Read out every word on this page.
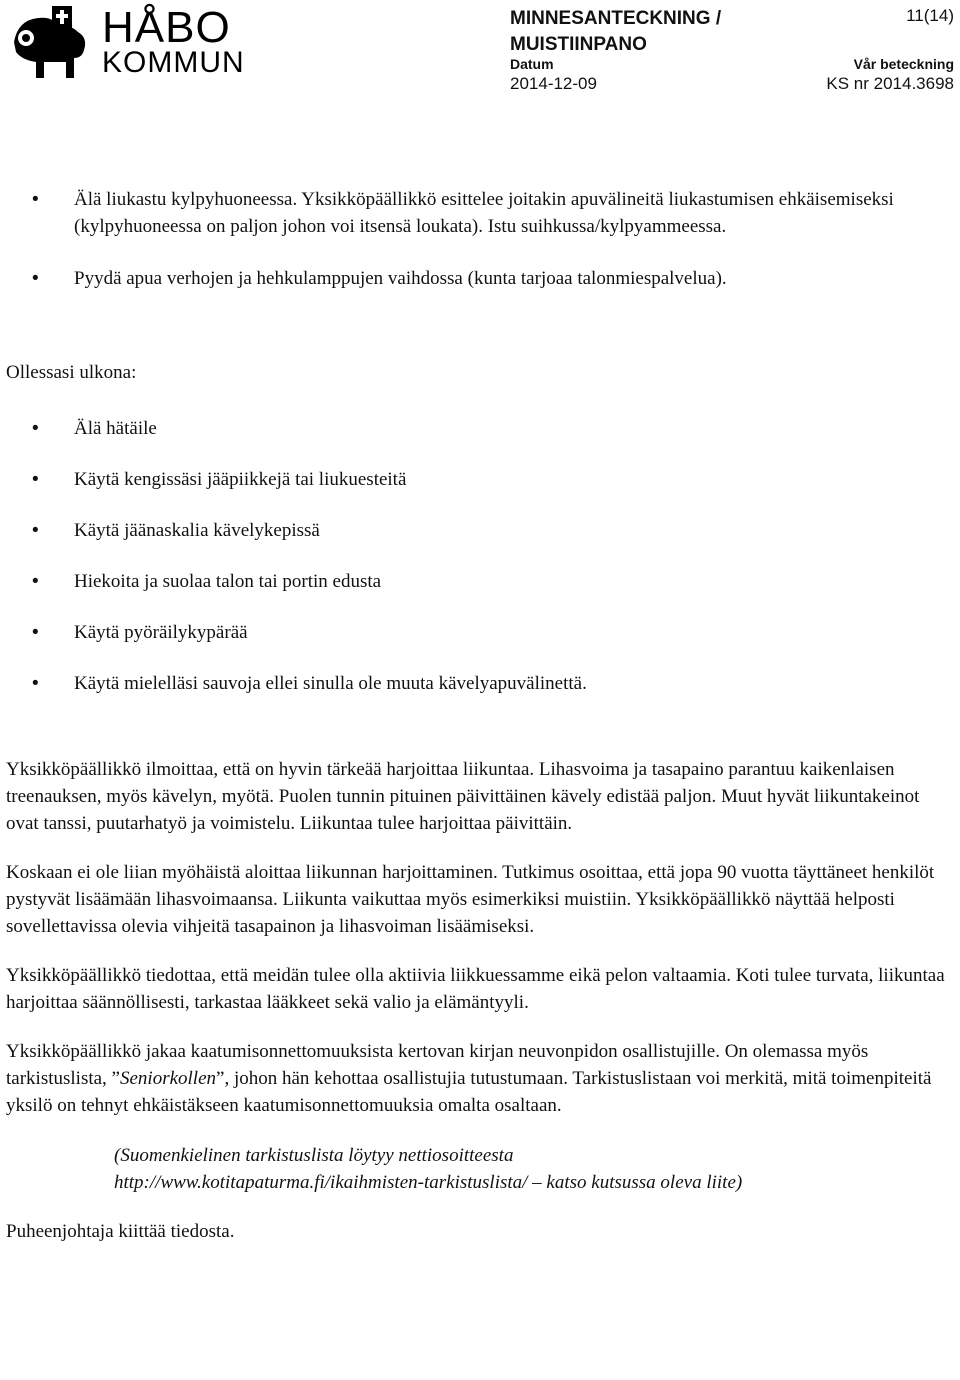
HÅBO
KOMMUN
MINNESANTECKNING / MUISTIINPANO
11(14)
Datum
2014-12-09
Vår beteckning
KS nr 2014.3698
• Älä liukastu kylpyhuoneessa. Yksikköpäällikkö esittelee joitakin apuvälineitä liukastumisen ehkäisemiseksi (kylpyhuoneessa on paljon johon voi itsensä loukata). Istu suihkussa/kylpyammeessa.
• Pyydä apua verhojen ja hehkulamppujen vaihdossa (kunta tarjoaa talonmiespalvelua).

Ollessasi ulkona:

• Älä hätäile
• Käytä kengissäsi jääpiikkejä tai liukuesteitä
• Käytä jäänaskalia kävelykepissä
• Hiekoita ja suolaa talon tai portin edusta
• Käytä pyöräilykypärää
• Käytä mielelläsi sauvoja ellei sinulla ole muuta kävelyapuvälinettä.

Yksikköpäällikkö ilmoittaa, että on hyvin tärkeää harjoittaa liikuntaa. Lihasvoima ja tasapaino parantuu kaikenlaisen treenauksen, myös kävelyn, myötä. Puolen tunnin pituinen päivittäinen kävely edistää paljon. Muut hyvät liikuntakeinot ovat tanssi, puutarhatyö ja voimistelu. Liikuntaa tulee harjoittaa päivittäin.

Koskaan ei ole liian myöhäistä aloittaa liikunnan harjoittaminen. Tutkimus osoittaa, että jopa 90 vuotta täyttäneet henkilöt pystyvät lisäämään lihasvoimaansa. Liikunta vaikuttaa myös esimerkiksi muistiin. Yksikköpäällikkö näyttää helposti sovellettavissa olevia vihjeitä tasapainon ja lihasvoiman lisäämiseksi.

Yksikköpäällikkö tiedottaa, että meidän tulee olla aktiivia liikkuessamme eikä pelon valtaamia. Koti tulee turvata, liikuntaa harjoittaa säännöllisesti, tarkastaa lääkkeet sekä valio ja elämäntyyli.

Yksikköpäällikkö jakaa kaatumisonnettomuuksista kertovan kirjan neuvonpidon osallistujille. On olemassa myös tarkistuslista, ”Seniorkollen”, johon hän kehottaa osallistujia tutustumaan. Tarkistuslistaan voi merkitä, mitä toimenpiteitä yksilö on tehnyt ehkäistäkseen kaatumisonnettomuuksia omalta osaltaan.

(Suomenkielinen tarkistuslista löytyy nettiosoitteesta
http://www.kotitapaturma.fi/ikaihmisten-tarkistuslista/ – katso kutsussa oleva liite)

Puheenjohtaja kiittää tiedosta.
